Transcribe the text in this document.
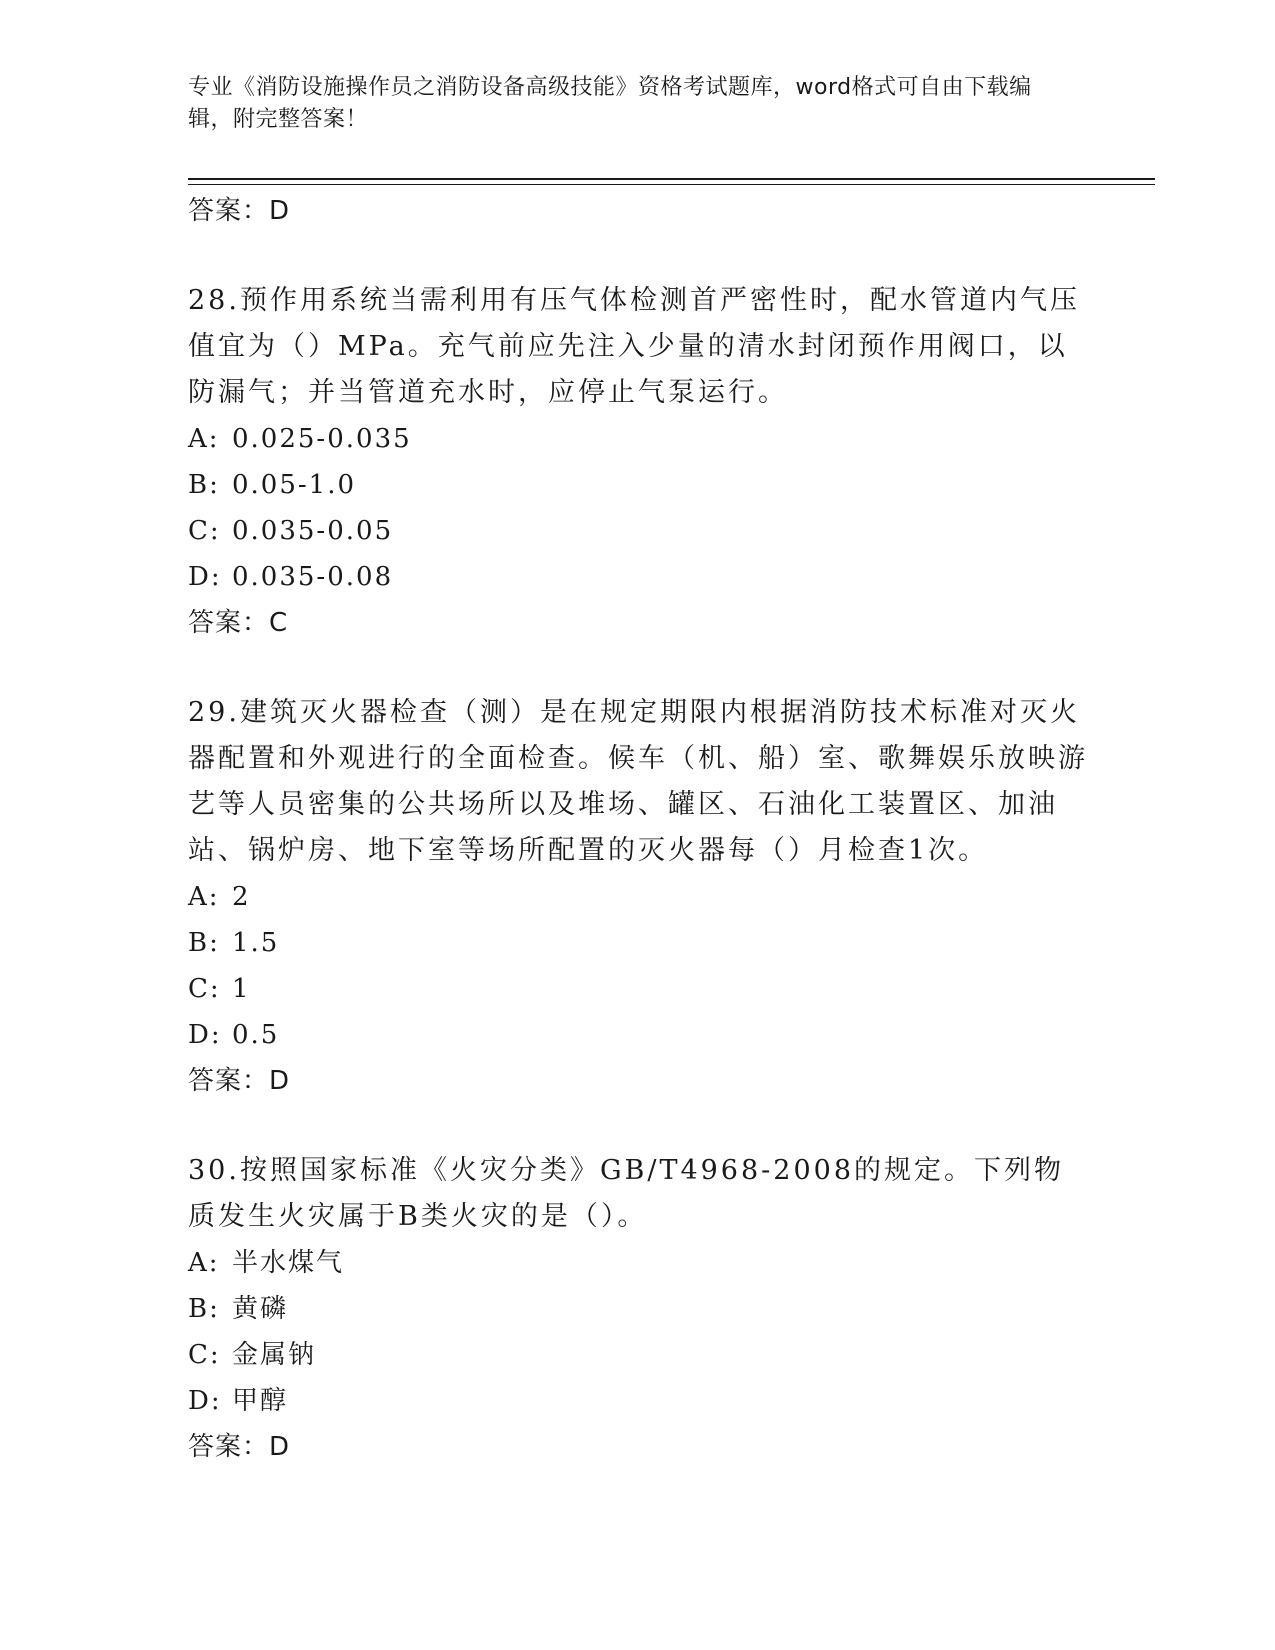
专业《消防设施操作员之消防设备高级技能》资格考试题库，word格式可自由下载编辑，附完整答案！
答案：D
28.预作用系统当需利用有压气体检测首严密性时，配水管道内气压值宜为（）MPa。充气前应先注入少量的清水封闭预作用阀口，以防漏气；并当管道充水时，应停止气泵运行。
A: 0.025-0.035
B: 0.05-1.0
C: 0.035-0.05
D: 0.035-0.08
答案：C
29.建筑灭火器检查（测）是在规定期限内根据消防技术标准对灭火器配置和外观进行的全面检查。候车（机、船）室、歌舞娱乐放映游艺等人员密集的公共场所以及堆场、罐区、石油化工装置区、加油站、锅炉房、地下室等场所配置的灭火器每（）月检查1次。
A: 2
B: 1.5
C: 1
D: 0.5
答案：D
30.按照国家标准《火灾分类》GB/T4968-2008的规定。下列物质发生火灾属于B类火灾的是（）。
A: 半水煤气
B: 黄磷
C: 金属钠
D: 甲醇
答案：D
